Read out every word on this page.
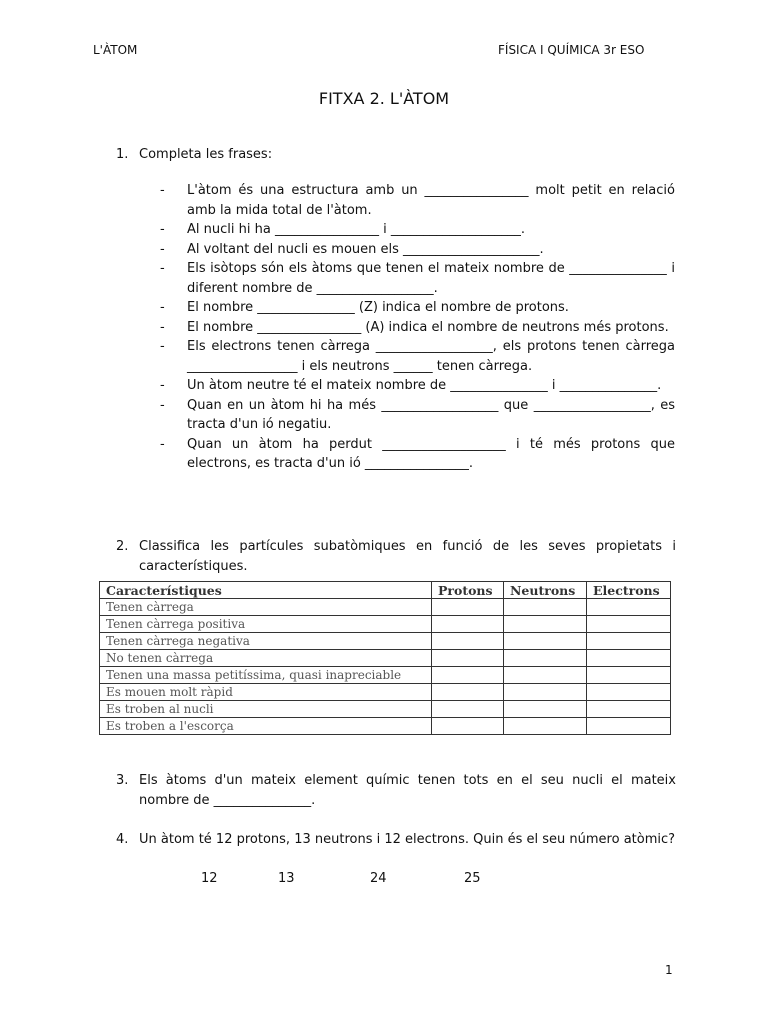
L'ÀTOM	FÍSICA I QUÍMICA 3r ESO
FITXA 2. L'ÀTOM
1. Completa les frases:
- L'àtom és una estructura amb un ________________ molt petit en relació amb la mida total de l'àtom.
- Al nucli hi ha ________________ i ____________________.
- Al voltant del nucli es mouen els _____________________.
- Els isòtops són els àtoms que tenen el mateix nombre de _______________ i diferent nombre de __________________.
- El nombre _______________ (Z) indica el nombre de protons.
- El nombre ________________ (A) indica el nombre de neutrons més protons.
- Els electrons tenen càrrega __________________, els protons tenen càrrega _________________ i els neutrons ______ tenen càrrega.
- Un àtom neutre té el mateix nombre de _______________ i _______________.
- Quan en un àtom hi ha més __________________ que __________________, es tracta d'un ió negatiu.
- Quan un àtom ha perdut ___________________ i té més protons que electrons, es tracta d'un ió ________________.
2. Classifica les partícules subatòmiques en funció de les seves propietats i característiques.
Característiques	Protons	Neutrons	Electrons
Tenen càrrega			
Tenen càrrega positiva			
Tenen càrrega negativa			
No tenen càrrega			
Tenen una massa petitíssima, quasi inapreciable			
Es mouen molt ràpid			
Es troben al nucli			
Es troben a l'escorça			
3. Els àtoms d'un mateix element químic tenen tots en el seu nucli el mateix nombre de _______________.
4. Un àtom té 12 protons, 13 neutrons i 12 electrons. Quin és el seu número atòmic?
12	13	24	25
1
